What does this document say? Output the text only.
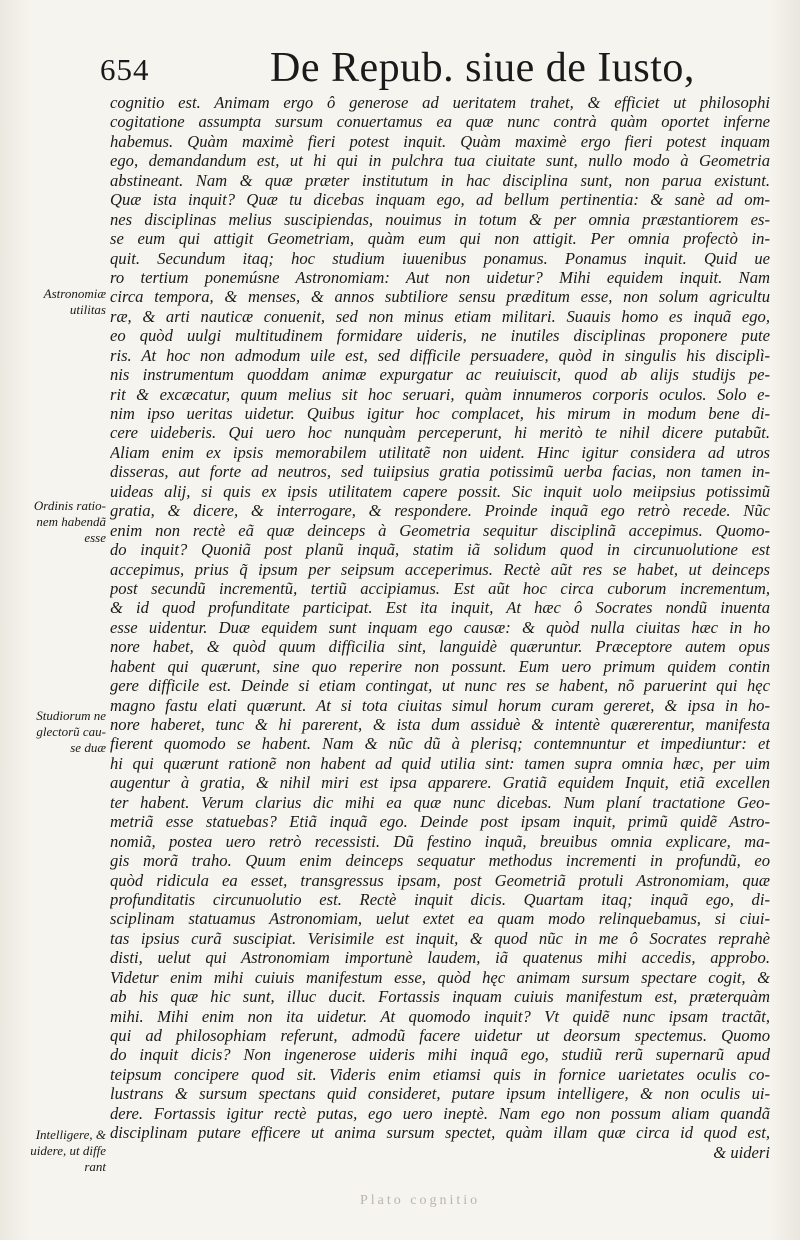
654	De Repub. siue de Iusto,
cognitio est. Animam ergo ô generose ad ueritatem trahet, & efficiet ut philosophi
cogitatione assumpta sursum conuertamus ea quæ nunc contrà quàm oportet inferne
habemus. Quàm maximè fieri potest inquit. Quàm maximè ergo fieri potest inquam
ego, demandandum est, ut hi qui in pulchra tua ciuitate sunt, nullo modo à Geometria
abstineant. Nam & quæ præter institutum in hac disciplina sunt, non parua existunt.
Quæ ista inquit? Quæ tu dicebas inquam ego, ad bellum pertinentia: & sanè ad om-
nes disciplinas melius suscipiendas, nouimus in totum & per omnia præstantiorem es-
se eum qui attigit Geometriam, quàm eum qui non attigit. Per omnia profectò in-
quit. Secundum itaq; hoc studium iuuenibus ponamus. Ponamus inquit. Quid ue
ro tertium ponemúsne Astronomiam: Aut non uidetur? Mihi equidem inquit. Nam
circa tempora, & menses, & annos subtiliore sensu præditum esse, non solum agricultu
ræ, & arti nauticæ conuenit, sed non minus etiam militari. Suauis homo es inquã ego,
eo quòd uulgi multitudinem formidare uideris, ne inutiles disciplinas proponere pute
ris. At hoc non admodum uile est, sed difficile persuadere, quòd in singulis his disciplì-
nis instrumentum quoddam animæ expurgatur ac reuiuiscit, quod ab alijs studijs pe-
rit & excæcatur, quum melius sit hoc seruari, quàm innumeros corporis oculos. Solo e-
nim ipso ueritas uidetur. Quibus igitur hoc complacet, his mirum in modum bene di-
cere uideberis. Qui uero hoc nunquàm perceperunt, hi meritò te nihil dicere putabũt.
Aliam enim ex ipsis memorabilem utilitatẽ non uident. Hinc igitur considera ad utros
disseras, aut forte ad neutros, sed tuiipsius gratia potissimũ uerba facias, non tamen in-
uideas alij, si quis ex ipsis utilitatem capere possit. Sic inquit uolo meiipsius potissimũ
gratia, & dicere, & interrogare, & respondere. Proinde inquã ego retrò recede. Nũc
enim non rectè eã quæ deinceps à Geometria sequitur disciplinã accepimus. Quomo-
do inquit? Quoniã post planũ inquã, statim iã solidum quod in circunuolutione est
accepimus, prius q̃ ipsum per seipsum acceperimus. Rectè aũt res se habet, ut deinceps
post secundũ incrementũ, tertiũ accipiamus. Est aũt hoc circa cuborum incrementum,
& id quod profunditate participat. Est ita inquit, At hæc ô Socrates nondũ inuenta
esse uidentur. Duæ equidem sunt inquam ego causæ: & quòd nulla ciuitas hæc in ho
nore habet, & quòd quum difficilia sint, languidè quæruntur. Præceptore autem opus
habent qui quærunt, sine quo reperire non possunt. Eum uero primum quidem contin
gere difficile est. Deinde si etiam contingat, ut nunc res se habent, nõ paruerint qui hęc
magno fastu elati quærunt. At si tota ciuitas simul horum curam gereret, & ipsa in ho-
nore haberet, tunc & hi parerent, & ista dum assiduè & intentè quærerentur, manifesta
fierent quomodo se habent. Nam & nũc dũ à plerisq; contemnuntur et impediuntur: et
hi qui quærunt rationẽ non habent ad quid utilia sint: tamen supra omnia hæc, per uim
augentur à gratia, & nihil miri est ipsa apparere. Gratiã equidem Inquit, etiã excellen
ter habent. Verum clarius dic mihi ea quæ nunc dicebas. Num planí tractatione Geo-
metriã esse statuebas? Etiã inquã ego. Deinde post ipsam inquit, primũ quidẽ Astro-
nomiã, postea uero retrò recessisti. Dũ festino inquã, breuibus omnia explicare, ma-
gis morã traho. Quum enim deinceps sequatur methodus incrementi in profundũ, eo
quòd ridicula ea esset, transgressus ipsam, post Geometriã protuli Astronomiam, quæ
profunditatis circunuolutio est. Rectè inquit dicis. Quartam itaq; inquã ego, di-
sciplinam statuamus Astronomiam, uelut extet ea quam modo relinquebamus, si ciui-
tas ipsius curã suscipiat. Verisimile est inquit, & quod nũc in me ô Socrates reprahè
disti, uelut qui Astronomiam importunè laudem, iã quatenus mihi accedis, approbo.
Videtur enim mihi cuiuis manifestum esse, quòd hęc animam sursum spectare cogit, &
ab his quæ hic sunt, illuc ducit. Fortassis inquam cuiuis manifestum est, præterquàm
mihi. Mihi enim non ita uidetur. At quomodo inquit? Vt quidẽ nunc ipsam tractãt,
qui ad philosophiam referunt, admodũ facere uidetur ut deorsum spectemus. Quomo
do inquit dicis? Non ingenerose uideris mihi inquã ego, studiũ rerũ supernarũ apud
teipsum concipere quod sit. Videris enim etiamsi quis in fornice uarietates oculis co-
lustrans & sursum spectans quid consideret, putare ipsum intelligere, & non oculis ui-
dere. Fortassis igitur rectè putas, ego uero ineptè. Nam ego non possum aliam quandã
disciplinam putare efficere ut anima sursum spectet, quàm illam quæ circa id quod est,
& uideri
Astronomiæ
utilitas
Ordinis ratio-
nem habendã
esse
Studiorum ne
glectorũ cau-
se duæ
Intelligere, &
uidere, ut diffe
rant
Plato cognitio
